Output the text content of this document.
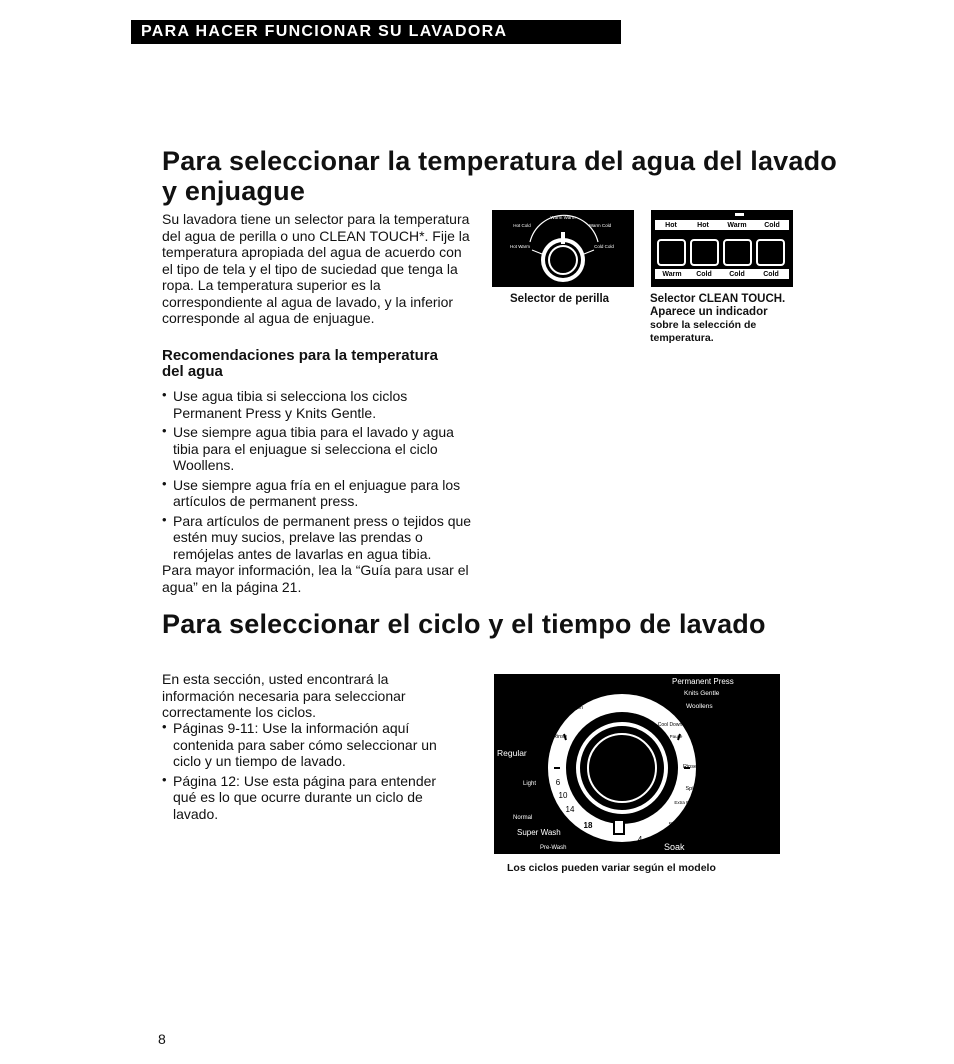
PARA HACER FUNCIONAR SU LAVADORA
Para seleccionar la temperatura del agua del lavado y enjuague

Su lavadora tiene un selector para la temperatura del agua de perilla o uno CLEAN TOUCH*. Fije la temperatura apropiada del agua de acuerdo con el tipo de tela y el tipo de suciedad que tenga la ropa. La temperatura superior es la correspondiente al agua de lavado, y la inferior corresponde al agua de enjuague.

Recomendaciones para la temperatura del agua
• Use agua tibia si selecciona los ciclos Permanent Press y Knits Gentle.
• Use siempre agua tibia para el lavado y agua tibia para el enjuague si selecciona el ciclo Woollens.
• Use siempre agua fría en el enjuague para los artículos de permanent press.
• Para artículos de permanent press o tejidos que estén muy sucios, prelave las prendas o remójelas antes de lavarlas en agua tibia.

Para mayor información, lea la “Guía para usar el agua” en la página 21.

Warm Warm
Hot Cold	Warm Cold
Hot Warm	Cold Cold

Selector de perilla

Hot	Hot	Warm	Cold
Warm	Cold	Cold	Cold

Selector CLEAN TOUCH. Aparece un indicador
sobre la selección de temperatura.

Para seleccionar el ciclo y el tiempo de lavado

En esta sección, usted encontrará la información necesaria para seleccionar correctamente los ciclos.

• Páginas 9-11: Use la información aquí contenida para saber cómo seleccionar un ciclo y un tiempo de lavado.
• Página 12: Use esta página para entender qué es lo que ocurre durante un ciclo de lavado.
Permanent Press
Knits Gentle
Woollens
Regular
Light
Normal
Super Wash
Pre-Wash	Soak
Extra Rinse Spin
Spin
Rinse
Cool Down
Pause
Rinse
Spin
Extra Rinse
Spin
12
8
6
4
6
10
14
18
4

Los ciclos pueden variar según el modelo

8
